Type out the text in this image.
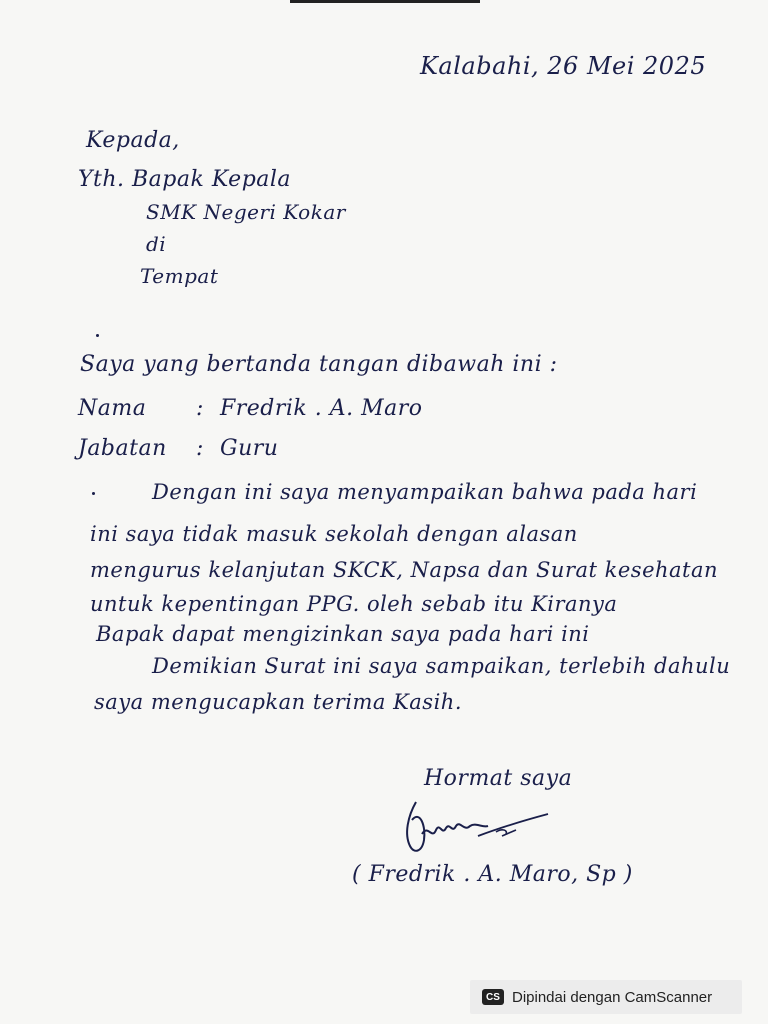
Kalabahi, 26 Mei 2025
Kepada,
Yth. Bapak Kepala
SMK Negeri Kokar
di
Tempat
Saya yang bertanda tangan dibawah ini :
Nama : Fredrik . A. Maro
Jabatan : Guru
Dengan ini saya menyampaikan bahwa pada hari
ini saya tidak masuk sekolah dengan alasan
mengurus kelanjutan SKCK, Napsa dan Surat kesehatan
untuk kepentingan PPG. oleh sebab itu Kiranya
Bapak dapat mengizinkan saya pada hari ini
Demikian Surat ini saya sampaikan, terlebih dahulu
saya mengucapkan terima Kasih.
Hormat saya
( Fredrik . A. Maro, Sp )
CS Dipindai dengan CamScanner
